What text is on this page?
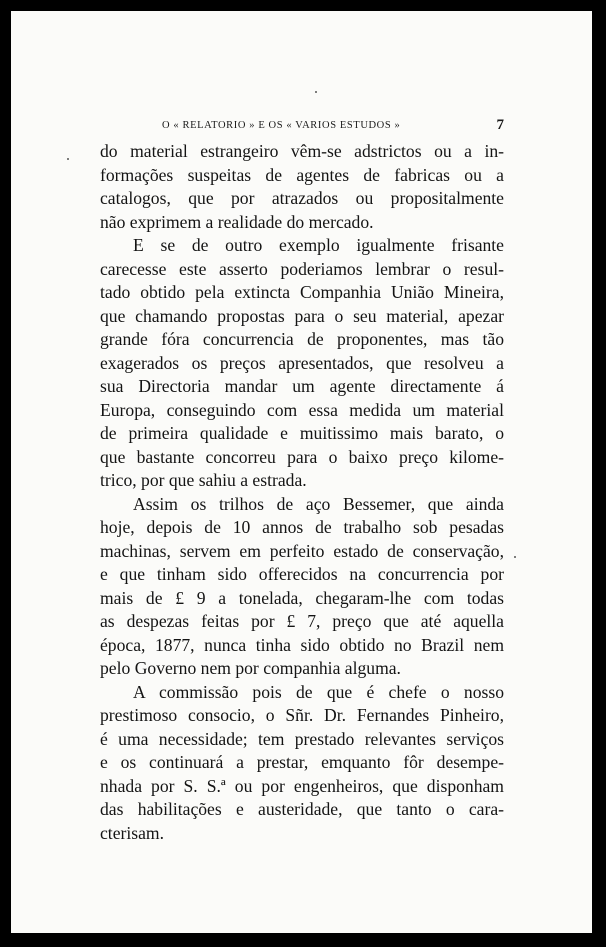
O « RELATORIO » E OS « VARIOS ESTUDOS »	7
do material estrangeiro vêm-se adstrictos ou a in-
formações suspeitas de agentes de fabricas ou a
catalogos, que por atrazados ou propositalmente
não exprimem a realidade do mercado.
E se de outro exemplo igualmente frisante
carecesse este asserto poderiamos lembrar o resul-
tado obtido pela extincta Companhia União Mineira,
que chamando propostas para o seu material, apezar
grande fóra concurrencia de proponentes, mas tão
exagerados os preços apresentados, que resolveu a
sua Directoria mandar um agente directamente á
Europa, conseguindo com essa medida um material
de primeira qualidade e muitissimo mais barato, o
que bastante concorreu para o baixo preço kilome-
trico, por que sahiu a estrada.
Assim os trilhos de aço Bessemer, que ainda
hoje, depois de 10 annos de trabalho sob pesadas
machinas, servem em perfeito estado de conservação,
e que tinham sido offerecidos na concurrencia por
mais de £ 9 a tonelada, chegaram-lhe com todas
as despezas feitas por £ 7, preço que até aquella
época, 1877, nunca tinha sido obtido no Brazil nem
pelo Governo nem por companhia alguma.
A commissão pois de que é chefe o nosso
prestimoso consocio, o Sñr. Dr. Fernandes Pinheiro,
é uma necessidade; tem prestado relevantes serviços
e os continuará a prestar, emquanto fôr desempe-
nhada por S. S.ª ou por engenheiros, que disponham
das habilitações e austeridade, que tanto o cara-
cterisam.
